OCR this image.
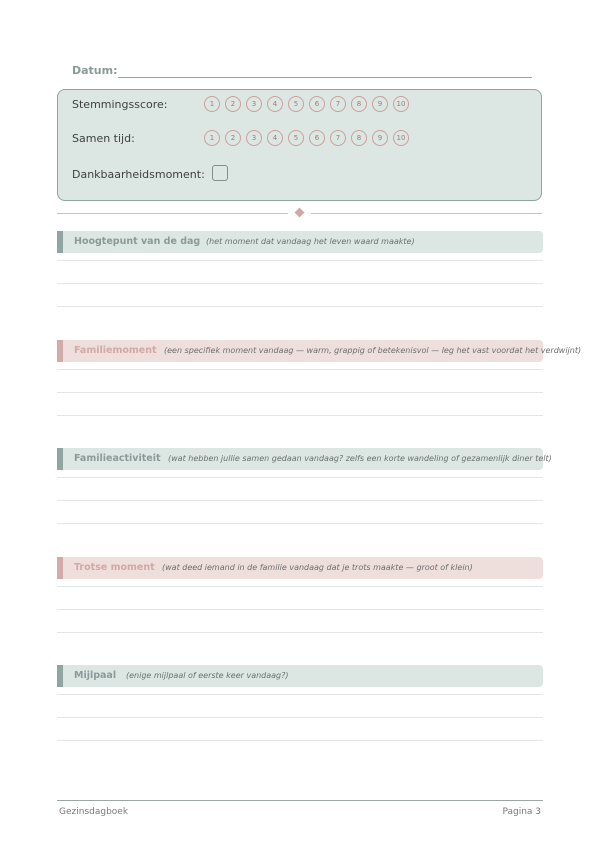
Datum:
Stemmingsscore:	1	2	3	4	5	6	7	8	9	10
Samen tijd:	1	2	3	4	5	6	7	8	9	10
Dankbaarheidsmoment:
Hoogtepunt van de dag (het moment dat vandaag het leven waard maakte)
Familiemoment (een specifiek moment vandaag — warm, grappig of betekenisvol — leg het vast voordat het verdwijnt)
Familieactiviteit (wat hebben jullie samen gedaan vandaag? zelfs een korte wandeling of gezamenlijk diner telt)
Trotse moment (wat deed iemand in de familie vandaag dat je trots maakte — groot of klein)
Mijlpaal (enige mijlpaal of eerste keer vandaag?)
Gezinsdagboek	Pagina 3
